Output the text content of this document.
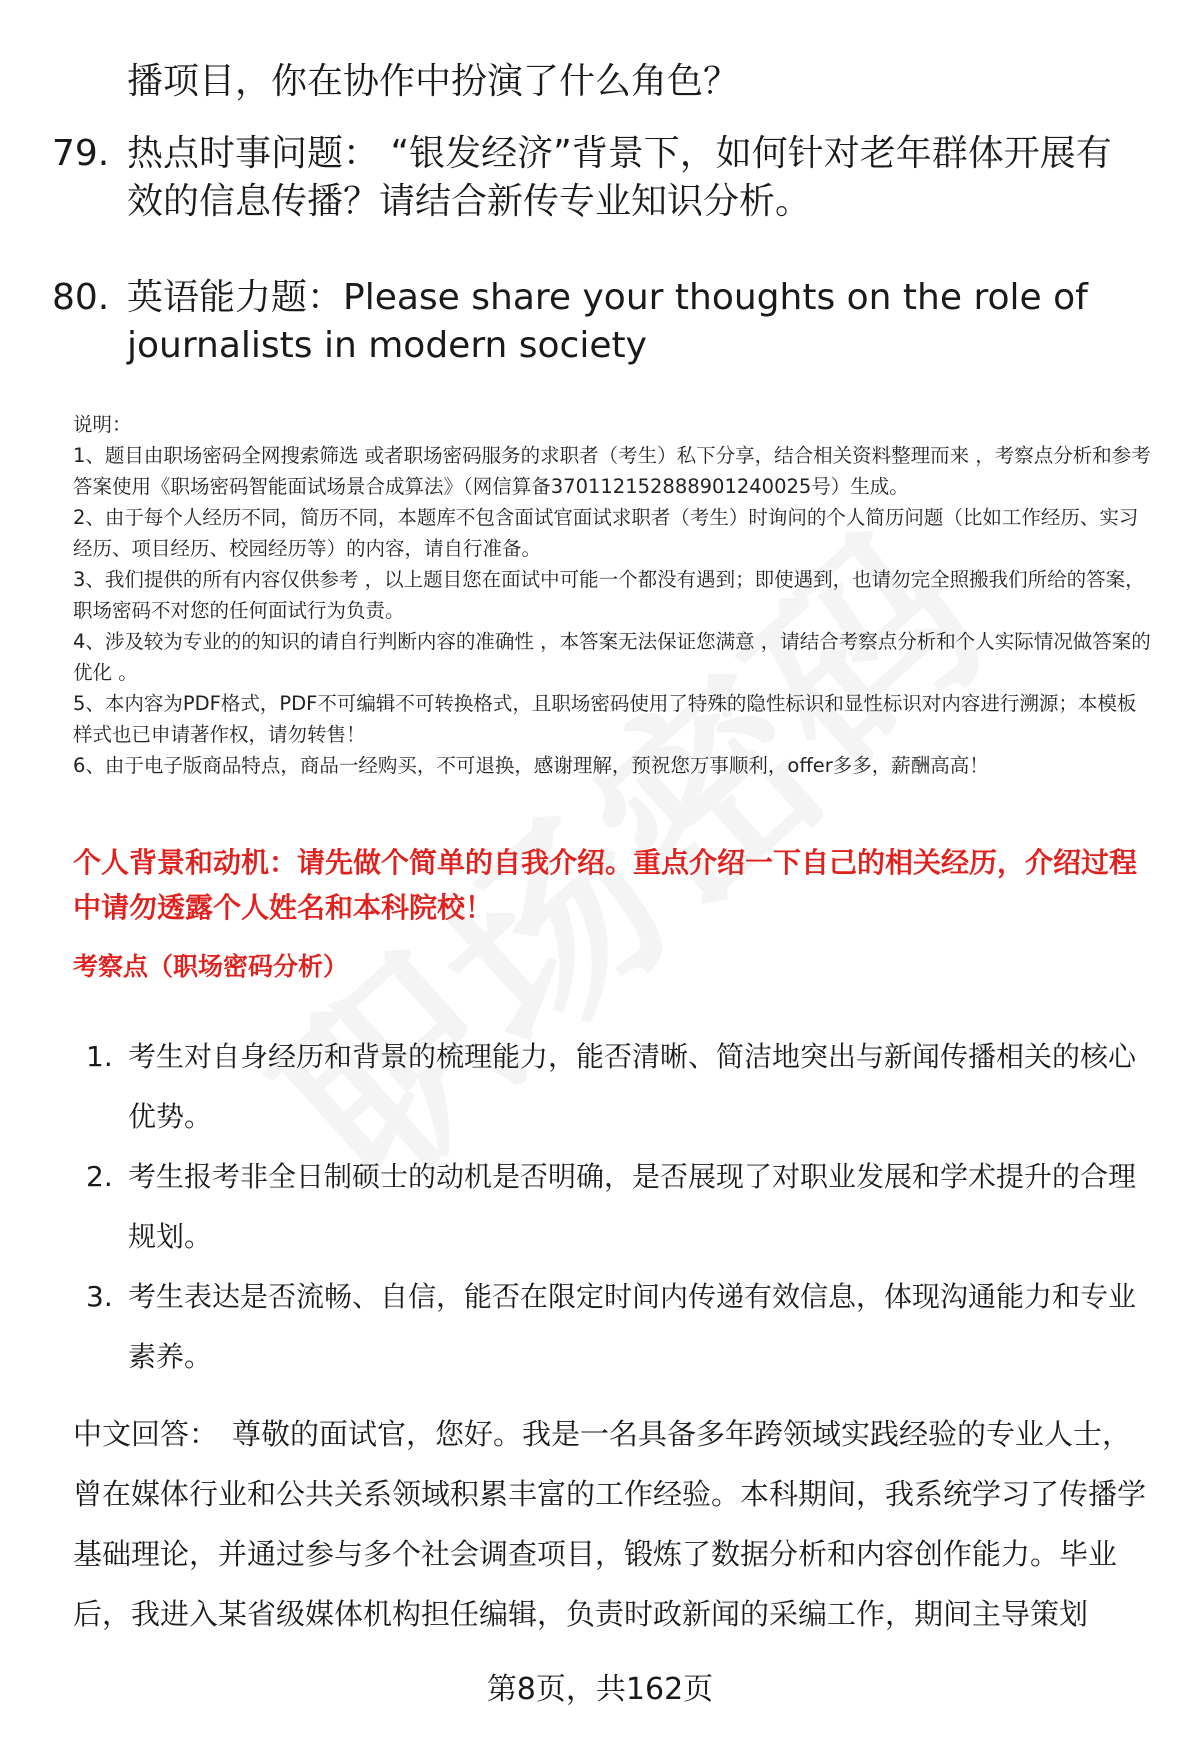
播项目，你在协作中扮演了什么角色？
79. 热点时事问题： “银发经济”背景下，如何针对老年群体开展有效的信息传播？请结合新传专业知识分析。
80. 英语能力题：Please share your thoughts on the role of journalists in modern society

说明：

1、题目由职场密码全网搜索筛选 或者职场密码服务的求职者（考生）私下分享，结合相关资料整理而来 ，考察点分析和参考答案使用《职场密码智能面试场景合成算法》（网信算备370112152888901240025号）生成。

2、由于每个人经历不同，简历不同，本题库不包含面试官面试求职者（考生）时询问的个人简历问题（比如工作经历、实习经历、项目经历、校园经历等）的内容，请自行准备。

3、我们提供的所有内容仅供参考 ，以上题目您在面试中可能一个都没有遇到；即使遇到，也请勿完全照搬我们所给的答案，职场密码不对您的任何面试行为负责。

4、涉及较为专业的的知识的请自行判断内容的准确性 ，本答案无法保证您满意 ，请结合考察点分析和个人实际情况做答案的优化 。

5、本内容为PDF格式，PDF不可编辑不可转换格式，且职场密码使用了特殊的隐性标识和显性标识对内容进行溯源；本模板样式也已申请著作权，请勿转售！

6、由于电子版商品特点，商品一经购买，不可退换，感谢理解，预祝您万事顺利，offer多多，薪酬高高！

个人背景和动机：请先做个简单的自我介绍。重点介绍一下自己的相关经历，介绍过程中请勿透露个人姓名和本科院校！
考察点（职场密码分析）
1. 考生对自身经历和背景的梳理能力，能否清晰、简洁地突出与新闻传播相关的核心优势。
2. 考生报考非全日制硕士的动机是否明确，是否展现了对职业发展和学术提升的合理规划。
3. 考生表达是否流畅、自信，能否在限定时间内传递有效信息，体现沟通能力和专业素养。
中文回答： 尊敬的面试官，您好。我是一名具备多年跨领域实践经验的专业人士，曾在媒体行业和公共关系领域积累丰富的工作经验。本科期间，我系统学习了传播学基础理论，并通过参与多个社会调查项目，锻炼了数据分析和内容创作能力。毕业后，我进入某省级媒体机构担任编辑，负责时政新闻的采编工作，期间主导策划
第8页，共162页
